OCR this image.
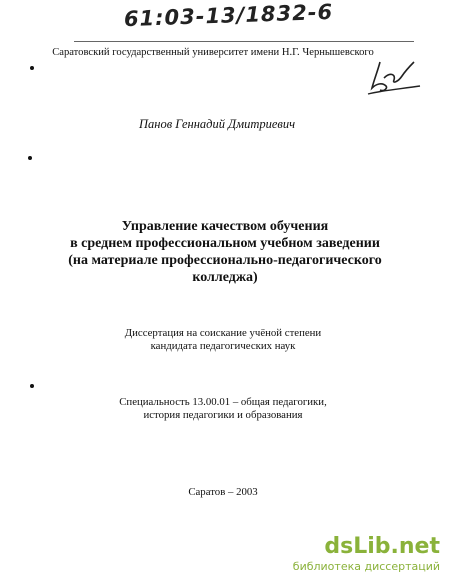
61:03-13/1832-6
Саратовский государственный университет имени Н.Г. Чернышевского
Панов Геннадий Дмитриевич
Управление качеством обучения
в среднем профессиональном учебном заведении
(на материале профессионально-педагогического
колледжа)
Диссертация на соискание учёной степени
кандидата педагогических наук
Специальность 13.00.01 – общая педагогики,
история педагогики и образования
Саратов – 2003
dsLib.net
библиотека диссертаций
